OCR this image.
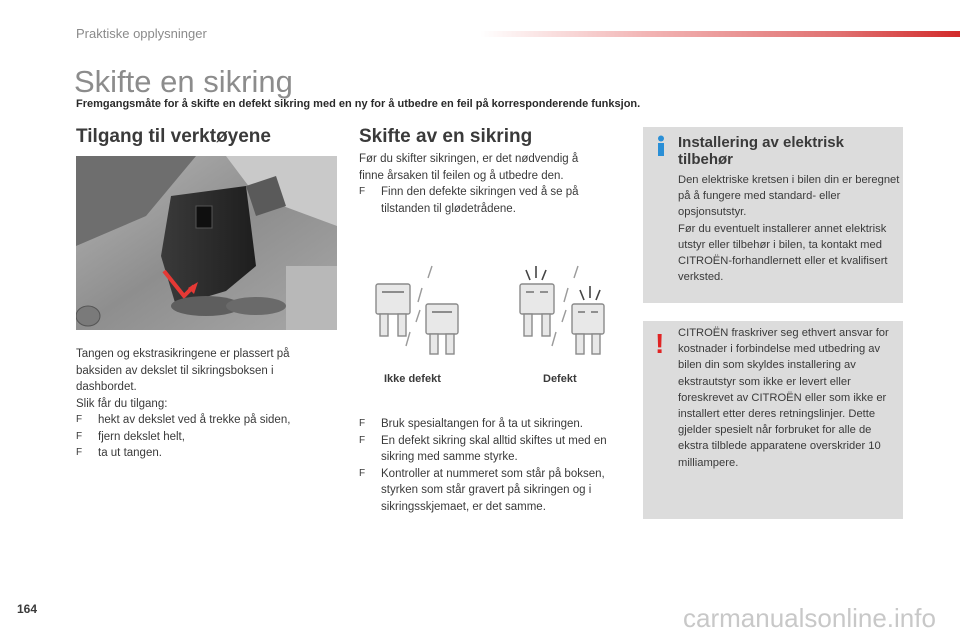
Praktiske opplysninger
Skifte en sikring
Fremgangsmåte for å skifte en defekt sikring med en ny for å utbedre en feil på korresponderende funksjon.
Tilgang til verktøyene

Tangen og ekstrasikringene er plassert på baksiden av dekslet til sikringsboksen i dashbordet.

Slik får du tilgang:

F hekt av dekslet ved å trekke på siden,
F fjern dekslet helt,
F ta ut tangen.
Skifte av en sikring

Før du skifter sikringen, er det nødvendig å finne årsaken til feilen og å utbedre den.

F Finn den defekte sikringen ved å se på tilstanden til glødetrådene.
Ikke defekt	Defekt
F Bruk spesialtangen for å ta ut sikringen.
F En defekt sikring skal alltid skiftes ut med en sikring med samme styrke.
F Kontroller at nummeret som står på boksen, styrken som står gravert på sikringen og i sikringsskjemaet, er det samme.
Installering av elektrisk tilbehør

Den elektriske kretsen i bilen din er beregnet på å fungere med standard- eller opsjonsutstyr.

Før du eventuelt installerer annet elektrisk utstyr eller tilbehør i bilen, ta kontakt med CITROËN-forhandlernett eller et kvalifisert verksted.

! CITROËN fraskriver seg ethvert ansvar for kostnader i forbindelse med utbedring av bilen din som skyldes installering av ekstrautstyr som ikke er levert eller foreskrevet av CITROËN eller som ikke er installert etter deres retningslinjer. Dette gjelder spesielt når forbruket for alle de ekstra tilblede apparatene overskrider 10 milliampere.

164	carmanualsonline.info
